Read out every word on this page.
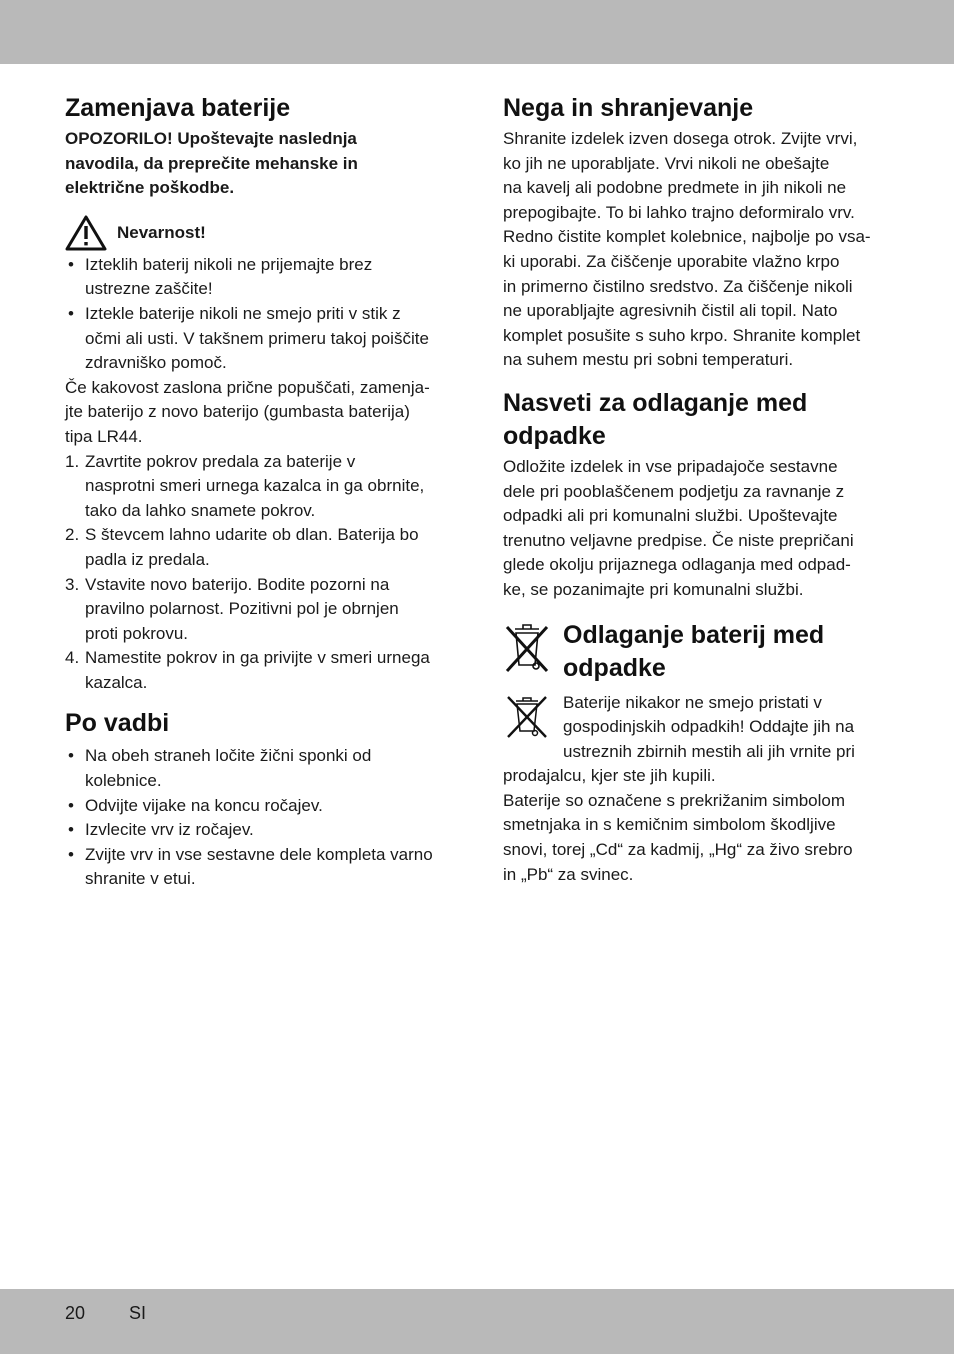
Zamenjava baterije

OPOZORILO! Upoštevajte naslednja
navodila, da preprečite mehanske in
električne poškodbe.

Nevarnost!
• Izteklih baterij nikoli ne prijemajte brez
ustrezne zaščite!
• Iztekle baterije nikoli ne smejo priti v stik z
očmi ali usti. V takšnem primeru takoj poiščite
zdravniško pomoč.

Če kakovost zaslona prične popuščati, zamenja-
jte baterijo z novo baterijo (gumbasta baterija)
tipa LR44.

1. Zavrtite pokrov predala za baterije v
nasprotni smeri urnega kazalca in ga obrnite,
tako da lahko snamete pokrov.
2. S števcem lahno udarite ob dlan. Baterija bo
padla iz predala.
3. Vstavite novo baterijo. Bodite pozorni na
pravilno polarnost. Pozitivni pol je obrnjen
proti pokrovu.
4. Namestite pokrov in ga privijte v smeri urnega
kazalca.
Po vadbi
• Na obeh straneh ločite žični sponki od
kolebnice.
• Odvijte vijake na koncu ročajev.
• Izvlecite vrv iz ročajev.
• Zvijte vrv in vse sestavne dele kompleta varno
shranite v etui.
Nega in shranjevanje

Shranite izdelek izven dosega otrok. Zvijte vrvi,
ko jih ne uporabljate. Vrvi nikoli ne obešajte
na kavelj ali podobne predmete in jih nikoli ne
prepogibajte. To bi lahko trajno deformiralo vrv.
Redno čistite komplet kolebnice, najbolje po vsa-
ki uporabi. Za čiščenje uporabite vlažno krpo
in primerno čistilno sredstvo. Za čiščenje nikoli
ne uporabljajte agresivnih čistil ali topil. Nato
komplet posušite s suho krpo. Shranite komplet
na suhem mestu pri sobni temperaturi.

Nasveti za odlaganje med
odpadke

Odložite izdelek in vse pripadajoče sestavne
dele pri pooblaščenem podjetju za ravnanje z
odpadki ali pri komunalni službi. Upoštevajte
trenutno veljavne predpise. Če niste prepričani
glede okolju prijaznega odlaganja med odpad-
ke, se pozanimajte pri komunalni službi.

Odlaganje baterij med
odpadke

Baterije nikakor ne smejo pristati v
gospodinjskih odpadkih! Oddajte jih na
ustreznih zbirnih mestih ali jih vrnite pri
prodajalcu, kjer ste jih kupili.

Baterije so označene s prekrižanim simbolom
smetnjaka in s kemičnim simbolom škodljive
snovi, torej „Cd“ za kadmij, „Hg“ za živo srebro
in „Pb“ za svinec.

20 SI
